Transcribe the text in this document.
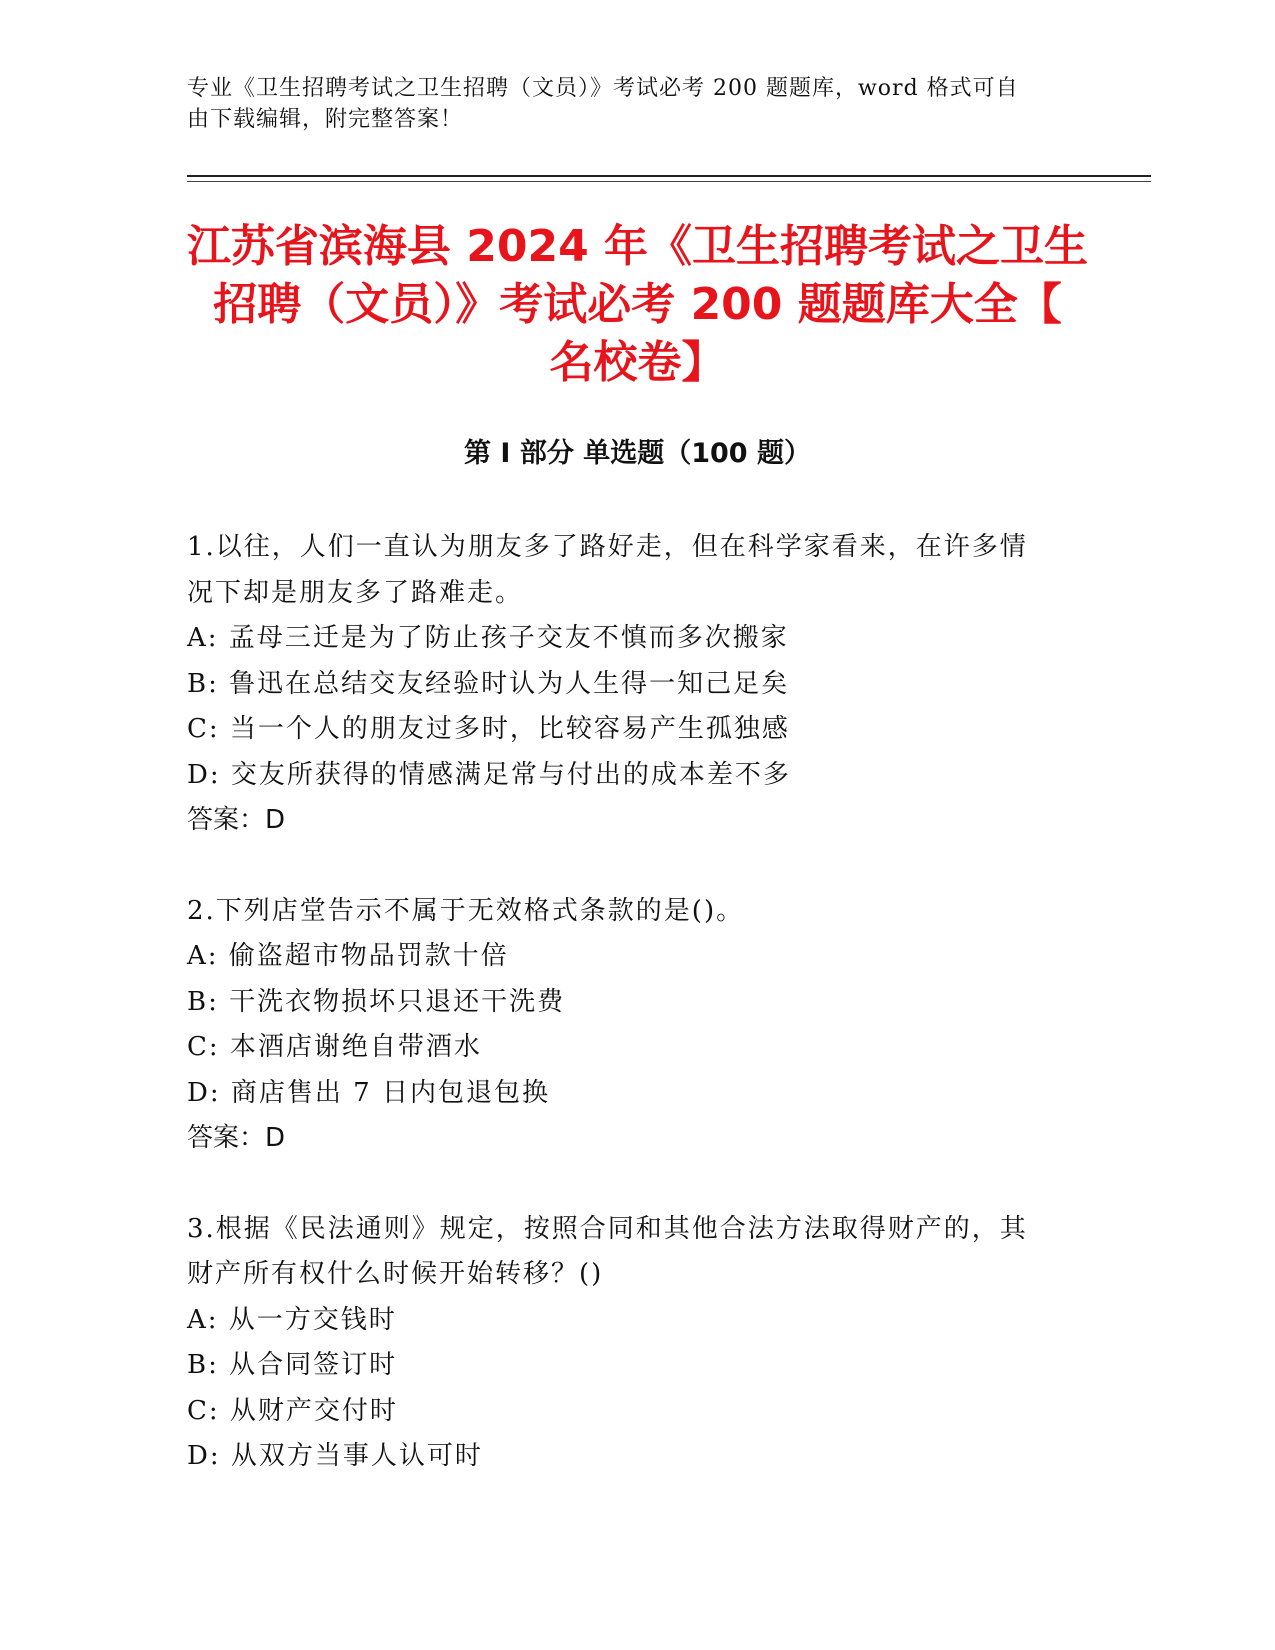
专业《卫生招聘考试之卫生招聘（文员）》考试必考 200 题题库，word 格式可自
由下载编辑，附完整答案！
江苏省滨海县 2024 年《卫生招聘考试之卫生
招聘（文员）》考试必考 200 题题库大全【
名校卷】
第 I 部分 单选题（100 题）
1.以往，人们一直认为朋友多了路好走，但在科学家看来，在许多情
况下却是朋友多了路难走。
A: 孟母三迁是为了防止孩子交友不慎而多次搬家
B: 鲁迅在总结交友经验时认为人生得一知己足矣
C: 当一个人的朋友过多时，比较容易产生孤独感
D: 交友所获得的情感满足常与付出的成本差不多
答案：D
2.下列店堂告示不属于无效格式条款的是()。
A: 偷盗超市物品罚款十倍
B: 干洗衣物损坏只退还干洗费
C: 本酒店谢绝自带酒水
D: 商店售出 7 日内包退包换
答案：D
3.根据《民法通则》规定，按照合同和其他合法方法取得财产的，其
财产所有权什么时候开始转移？()
A: 从一方交钱时
B: 从合同签订时
C: 从财产交付时
D: 从双方当事人认可时
